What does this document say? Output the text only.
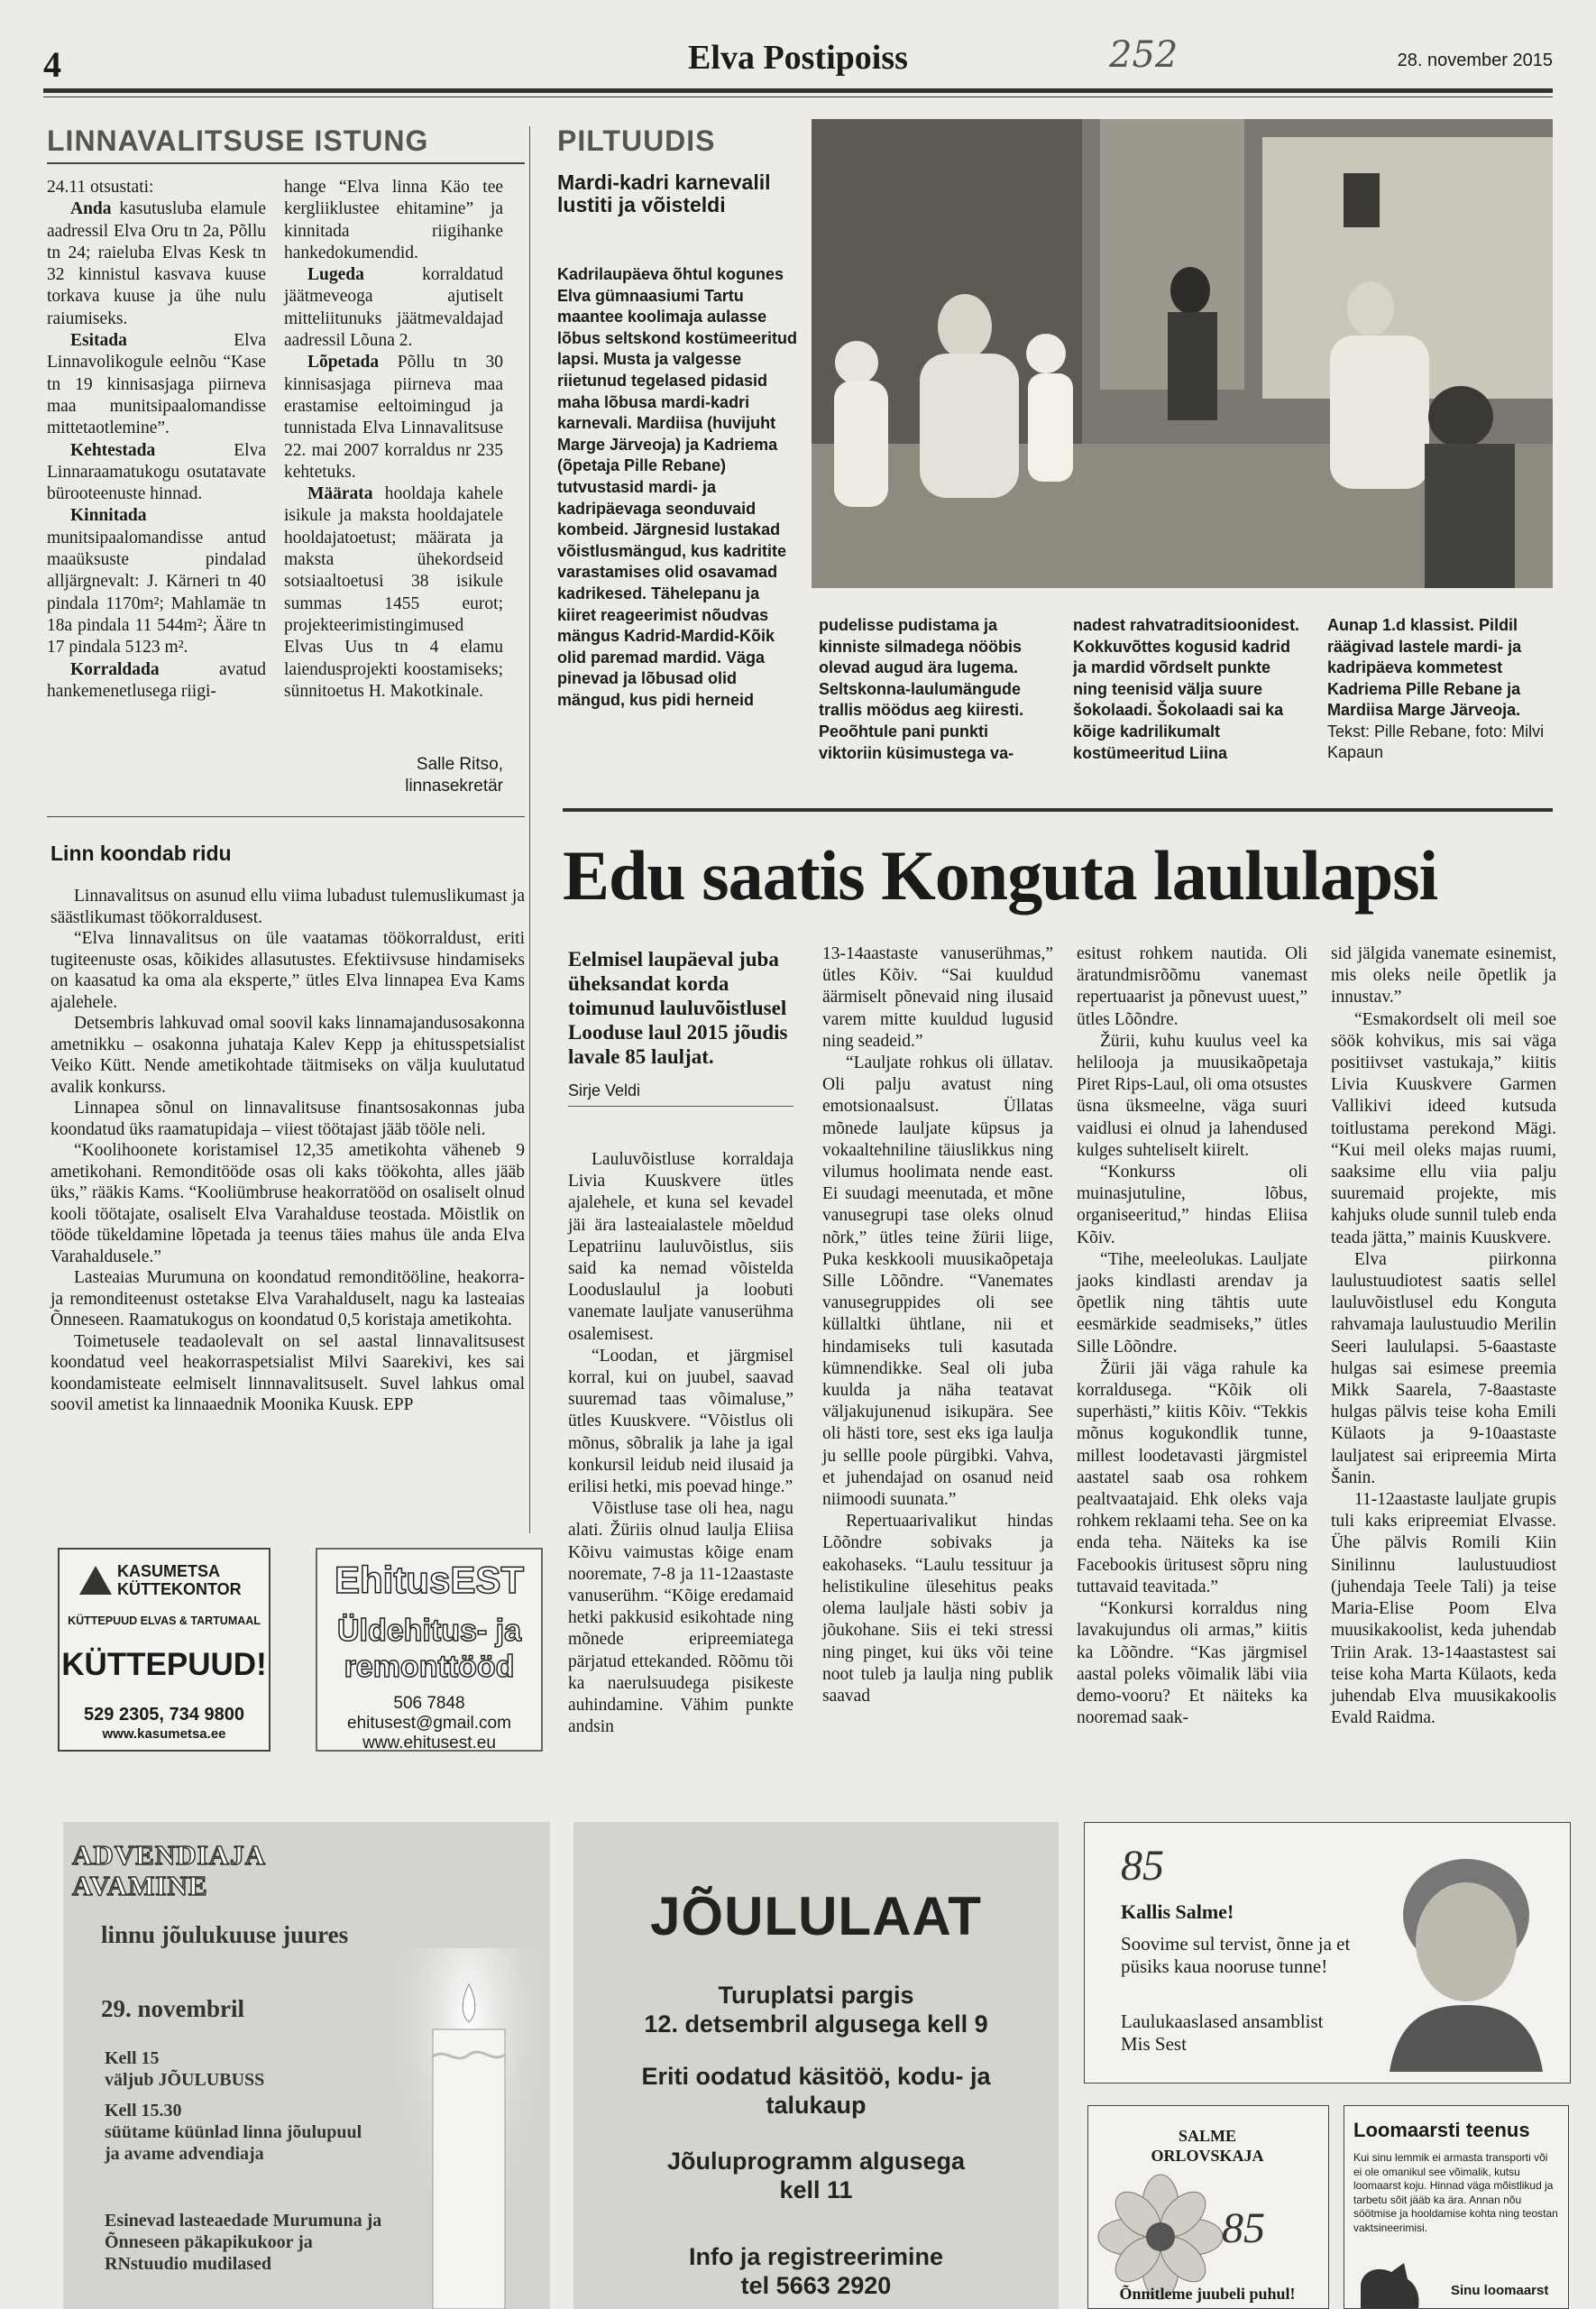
4	Elva Postipoiss	252	28. november 2015
LINNAVALITSUSE ISTUNG

24.11 otsustati:

Anda kasutusluba elamule aadressil Elva Oru tn 2a, Põllu tn 24; raieluba Elvas Kesk tn 32 kinnistul kasvava kuuse torkava kuuse ja ühe nulu raiumiseks.

Esitada Elva Linnavolikogule eelnõu “Kase tn 19 kinnisasjaga piirneva maa munitsipaalomandisse mittetaotlemine”.

Kehtestada Elva Linnaraamatukogu osutatavate bürooteenuste hinnad.

Kinnitada munitsipaalomandisse antud maaüksuste pindalad alljärgnevalt: J. Kärneri tn 40 pindala 1170m²; Mahlamäe tn 18a pindala 11 544m²; Ääre tn 17 pindala 5123 m².

Korraldada avatud hankemenetlusega riigi-

hange “Elva linna Käo tee kergliiklustee ehitamine” ja kinnitada riigihanke hankedokumendid.

Lugeda korraldatud jäätmeveoga ajutiselt mitteliitunuks jäätmevaldajad aadressil Lõuna 2.

Lõpetada Põllu tn 30 kinnisasjaga piirneva maa erastamise eeltoimingud ja tunnistada Elva Linnavalitsuse 22. mai 2007 korraldus nr 235 kehtetuks.

Määrata hooldaja kahele isikule ja maksta hooldajatele hooldajatoetust; määrata ja maksta ühekordseid sotsiaaltoetusi 38 isikule summas 1455 eurot; projekteerimistingimused Elvas Uus tn 4 elamu laiendusprojekti koostamiseks; sünnitoetus H. Makotkinale.

Salle Ritso,
linnasekretär
Linn koondab ridu

Linnavalitsus on asunud ellu viima lubadust tulemuslikumast ja säästlikumast töökorraldusest.

“Elva linnavalitsus on üle vaatamas töökorraldust, eriti tugiteenuste osas, kõikides allasutustes. Efektiivsuse hindamiseks on kaasatud ka oma ala eksperte,” ütles Elva linnapea Eva Kams ajalehele.

Detsembris lahkuvad omal soovil kaks linnamajandusosakonna ametnikku – osakonna juhataja Kalev Kepp ja ehitusspetsialist Veiko Kütt. Nende ametikohtade täitmiseks on välja kuulutatud avalik konkurss.

Linnapea sõnul on linnavalitsuse finantsosakonnas juba koondatud üks raamatupidaja – viiest töötajast jääb tööle neli.

“Koolihoonete koristamisel 12,35 ametikohta väheneb 9 ametikohani. Remonditööde osas oli kaks töökohta, alles jääb üks,” rääkis Kams. “Kooliümbruse heakorratööd on osaliselt olnud kooli töötajate, osaliselt Elva Varahalduse teostada. Mõistlik on tööde tükeldamine lõpetada ja teenus täies mahus üle anda Elva Varahaldusele.”

Lasteaias Murumuna on koondatud remonditööline, heakorra- ja remonditeenust ostetakse Elva Varahalduselt, nagu ka lasteaias Õnneseen. Raamatukogus on koondatud 0,5 koristaja ametikohta.

Toimetusele teadaolevalt on sel aastal linnavalitsusest koondatud veel heakorraspetsialist Milvi Saarekivi, kes sai koondamisteate eelmiselt linnnavalitsuselt. Suvel lahkus omal soovil ametist ka linnaaednik Moonika Kuusk. EPP

KASUMETSA
KÜTTEKONTOR
KÜTTEPUUD ELVAS & TARTUMAAL
KÜTTEPUUD!
529 2305, 734 9800
www.kasumetsa.ee
EhitusEST
Üldehitus- ja
remonttööd
506 7848
ehitusest@gmail.com
www.ehitusest.eu
ADVENDIAJA
AVAMINE
linnu jõulukuuse juures
29. novembril
Kell 15
väljub JÕULUBUSS
Kell 15.30
süütame küünlad linna jõulupuul ja avame advendiaja
Esinevad lasteaedade Murumuna ja Õnneseen päkapikukoor ja RNstuudio mudilased
PILTUUDIS
Mardi-kadri karnevalil lustiti ja võisteldi

Kadrilaupäeva õhtul kogunes Elva gümnaasiumi Tartu maantee koolimaja aulasse lõbus seltskond kostümeeritud lapsi. Musta ja valgesse riietunud tegelased pidasid maha lõbusa mardi-kadri karnevali. Mardiisa (huvijuht Marge Järveoja) ja Kadriema (õpetaja Pille Rebane) tutvustasid mardi- ja kadripäevaga seonduvaid kombeid. Järgnesid lustakad võistlusmängud, kus kadritite varastamises olid osavamad kadrikesed. Tähelepanu ja kiiret reageerimist nõudvas mängus Kadrid-Mardid-Kõik olid paremad mardid. Väga pinevad ja lõbusad olid mängud, kus pidi herneid

pudelisse pudistama ja kinniste silmadega nööbis olevad augud ära lugema. Seltskonna-laulumängude trallis möödus aeg kiiresti. Peoõhtule pani punkti viktoriin küsimustega va-

nadest rahvatraditsioonidest. Kokkuvõttes kogusid kadrid ja mardid võrdselt punkte ning teenisid välja suure šokolaadi. Šokolaadi sai ka kõige kadrilikumalt kostümeeritud Liina

Aunap 1.d klassist. Pildil räägivad lastele mardi- ja kadripäeva kommetest Kadriema Pille Rebane ja Mardiisa Marge Järveoja.

Tekst: Pille Rebane, foto: Milvi Kapaun

Edu saatis Konguta laululapsi
Eelmisel laupäeval juba üheksandat korda toimunud lauluvõistlusel Looduse laul 2015 jõudis lavale 85 lauljat.
Sirje Veldi

Lauluvõistluse korraldaja Livia Kuuskvere ütles ajalehele, et kuna sel kevadel jäi ära lasteaialastele mõeldud Lepatriinu lauluvõistlus, siis said ka nemad võistelda Looduslaulul ja loobuti vanemate lauljate vanuserühma osalemisest.

“Loodan, et järgmisel korral, kui on juubel, saavad suuremad taas võimaluse,” ütles Kuuskvere. “Võistlus oli mõnus, sõbralik ja lahe ja igal konkursil leidub neid ilusaid ja erilisi hetki, mis poevad hinge.”

Võistluse tase oli hea, nagu alati. Žüriis olnud laulja Eliisa Kõivu vaimustas kõige enam nooremate, 7-8 ja 11-12aastaste vanuserühm. “Kõige eredamaid hetki pakkusid esikohtade ning mõnede eripreemiatega pärjatud ettekanded. Rõõmu tõi ka naerulsuudega pisikeste auhindamine. Vähim punkte andsin

13-14aastaste vanuserühmas,” ütles Kõiv. “Sai kuuldud äärmiselt põnevaid ning ilusaid varem mitte kuuldud lugusid ning seadeid.”

“Lauljate rohkus oli üllatav. Oli palju avatust ning emotsionaalsust. Üllatas mõnede lauljate küpsus ja vokaaltehniline täiuslikkus ning vilumus hoolimata nende east. Ei suudagi meenutada, et mõne vanusegrupi tase oleks olnud nõrk,” ütles teine žürii liige, Puka keskkooli muusikaõpetaja Sille Lõõndre. “Vanemates vanusegruppides oli see küllaltki ühtlane, nii et hindamiseks tuli kasutada kümnendikke. Seal oli juba kuulda ja näha teatavat väljakujunenud isikupära. See oli hästi tore, sest eks iga laulja ju sellle poole pürgibki. Vahva, et juhendajad on osanud neid niimoodi suunata.”

Repertuaarivalikut hindas Lõõndre sobivaks ja eakohaseks. “Laulu tessituur ja helistikuline ülesehitus peaks olema lauljale hästi sobiv ja jõukohane. Siis ei teki stressi ning pinget, kui üks või teine noot tuleb ja laulja ning publik saavad

esitust rohkem nautida. Oli äratundmisrõõmu vanemast repertuaarist ja põnevust uuest,” ütles Lõõndre.

Žürii, kuhu kuulus veel ka helilooja ja muusikaõpetaja Piret Rips-Laul, oli oma otsustes üsna üksmeelne, väga suuri vaidlusi ei olnud ja lahendused kulges suhteliselt kiirelt.

“Konkurss oli muinasjutuline, lõbus, organiseeritud,” hindas Eliisa Kõiv.

“Tihe, meeleolukas. Lauljate jaoks kindlasti arendav ja õpetlik ning tähtis uute eesmärkide seadmiseks,” ütles Sille Lõõndre.

Žürii jäi väga rahule ka korraldusega. “Kõik oli superhästi,” kiitis Kõiv. “Tekkis mõnus kogukondlik tunne, millest loodetavasti järgmistel aastatel saab osa rohkem pealtvaatajaid. Ehk oleks vaja rohkem reklaami teha. See on ka enda teha. Näiteks ka ise Facebookis üritusest sõpru ning tuttavaid teavitada.”

“Konkursi korraldus ning lavakujundus oli armas,” kiitis ka Lõõndre. “Kas järgmisel aastal poleks võimalik läbi viia demo-vooru? Et näiteks ka nooremad saak-

sid jälgida vanemate esinemist, mis oleks neile õpetlik ja innustav.”

“Esmakordselt oli meil soe söök kohvikus, mis sai väga positiivset vastukaja,” kiitis Livia Kuuskvere Garmen Vallikivi ideed kutsuda toitlustama perekond Mägi. “Kui meil oleks majas ruumi, saaksime ellu viia palju suuremaid projekte, mis kahjuks olude sunnil tuleb enda teada jätta,” mainis Kuuskvere.

Elva piirkonna laulustuudiotest saatis sellel lauluvõistlusel edu Konguta rahvamaja laulustuudio Merilin Seeri laululapsi. 5-6aastaste hulgas sai esimese preemia Mikk Saarela, 7-8aastaste hulgas pälvis teise koha Emili Külaots ja 9-10aastaste lauljatest sai eripreemia Mirta Šanin.

11-12aastaste lauljate grupis tuli kaks eripreemiat Elvasse. Ühe pälvis Romili Kiin Sinilinnu laulustuudiost (juhendaja Teele Tali) ja teise Maria-Elise Poom Elva muusikakoolist, keda juhendab Triin Arak. 13-14aastastest sai teise koha Marta Külaots, keda juhendab Elva muusikakoolis Evald Raidma.

JÕULULAAT
Turuplatsi pargis
12. detsembril algusega kell 9
Eriti oodatud käsitöö, kodu- ja talukaup
Jõuluprogramm algusega kell 11
Info ja registreerimine
tel 5663 2920
85
Kallis Salme!
Soovime sul tervist, õnne ja et püsiks kaua nooruse tunne!
Laulukaaslased ansamblist Mis Sest
SALME
ORLOVSKAJA
85
Õnnitleme juubeli puhul!
Loomaarsti teenus
Kui sinu lemmik ei armasta transporti või ei ole omanikul see võimalik, kutsu loomaarst koju. Hinnad väga mõistlikud ja tarbetu sõit jääb ka ära. Annan nõu söötmise ja hooldamise kohta ning teostan vaktsineerimisi.
Sinu loomaarst
